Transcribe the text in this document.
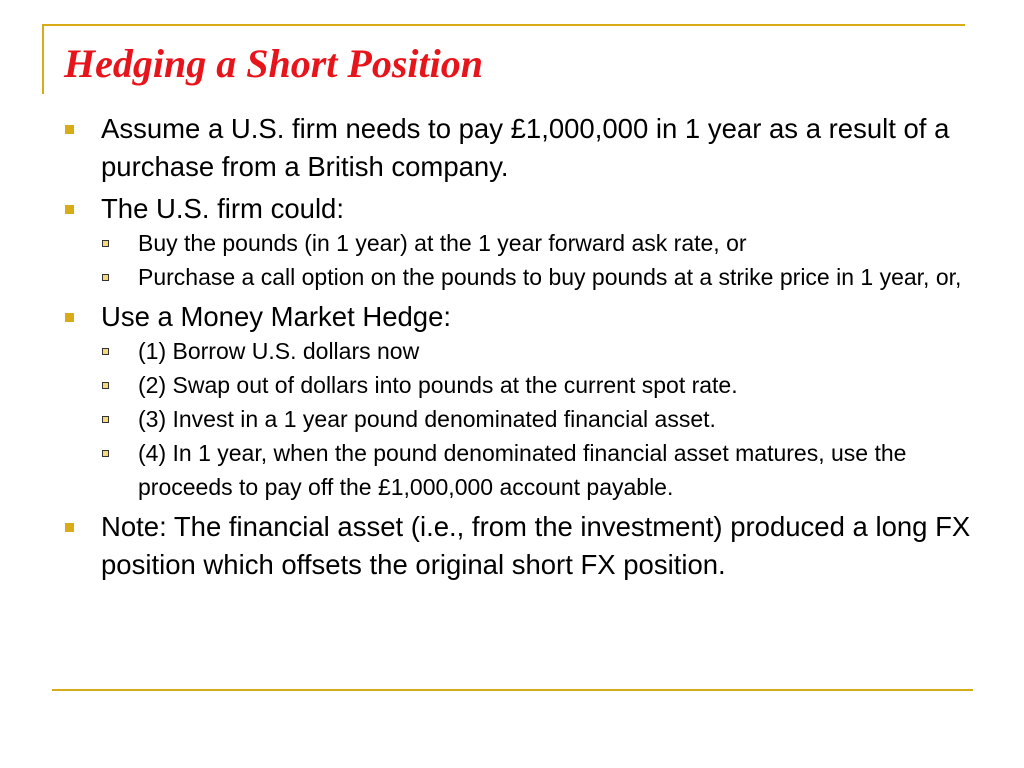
Hedging a Short Position
Assume a U.S. firm needs to pay £1,000,000 in 1 year as a result of a purchase from a British company.
The U.S. firm could:
Buy the pounds (in 1 year) at the 1 year forward ask rate, or
Purchase a call option on the pounds to buy pounds at a strike price in 1 year, or,
Use a Money Market Hedge:
(1) Borrow U.S. dollars now
(2) Swap out of dollars into pounds at the current spot rate.
(3) Invest in a 1 year pound denominated financial asset.
(4) In 1 year, when the pound denominated financial asset matures, use the proceeds to pay off the £1,000,000 account payable.
Note: The financial asset (i.e., from the investment) produced a long FX position which offsets the original short FX position.
